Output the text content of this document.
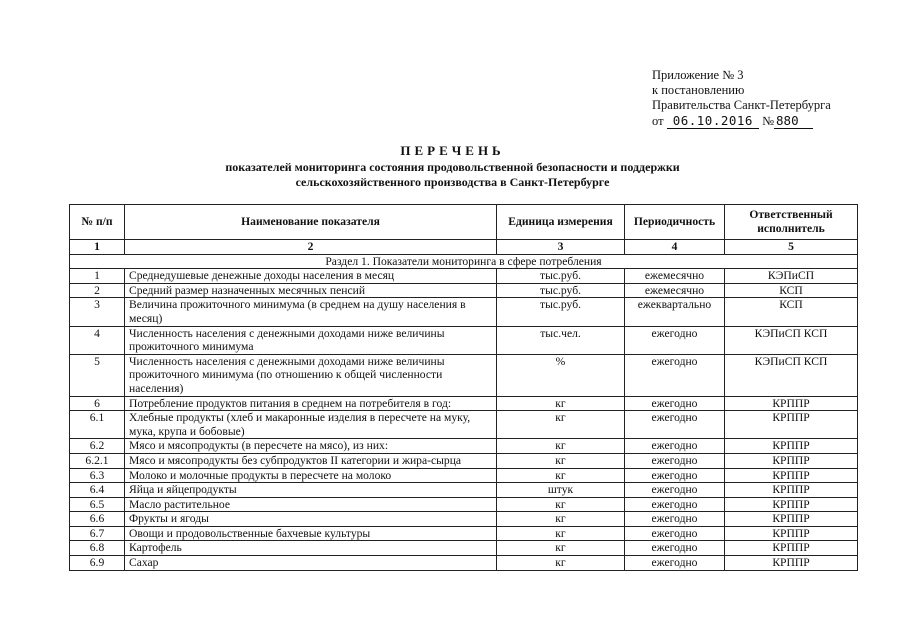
Приложение № 3
к постановлению
Правительства Санкт-Петербурга
от 06.10.2016 № 880
ПЕРЕЧЕНЬ
показателей мониторинга состояния продовольственной безопасности и поддержки
сельскохозяйственного производства в Санкт-Петербурге
№ п/п	Наименование показателя	Единица измерения	Периодичность	Ответственный исполнитель
1	2	3	4	5
Раздел 1. Показатели мониторинга в сфере потребления				
1	Среднедушевые денежные доходы населения в месяц	тыс.руб.	ежемесячно	КЭПиСП
2	Средний размер назначенных месячных пенсий	тыс.руб.	ежемесячно	КСП
3	Величина прожиточного минимума (в среднем на душу населения в месяц)	тыс.руб.	ежеквартально	КСП
4	Численность населения с денежными доходами ниже величины прожиточного минимума	тыс.чел.	ежегодно	КЭПиСП КСП
5	Численность населения с денежными доходами ниже величины прожиточного минимума (по отношению к общей численности населения)	%	ежегодно	КЭПиСП КСП
6	Потребление продуктов питания в среднем на потребителя в год:	кг	ежегодно	КРППР
6.1	Хлебные продукты (хлеб и макаронные изделия в пересчете на муку, мука, крупа и бобовые)	кг	ежегодно	КРППР
6.2	Мясо и мясопродукты (в пересчете на мясо), из них:	кг	ежегодно	КРППР
6.2.1	Мясо и мясопродукты без субпродуктов II категории и жира-сырца	кг	ежегодно	КРППР
6.3	Молоко и молочные продукты в пересчете на молоко	кг	ежегодно	КРППР
6.4	Яйца и яйцепродукты	штук	ежегодно	КРППР
6.5	Масло растительное	кг	ежегодно	КРППР
6.6	Фрукты и ягоды	кг	ежегодно	КРППР
6.7	Овощи и продовольственные бахчевые культуры	кг	ежегодно	КРППР
6.8	Картофель	кг	ежегодно	КРППР
6.9	Сахар	кг	ежегодно	КРППР
